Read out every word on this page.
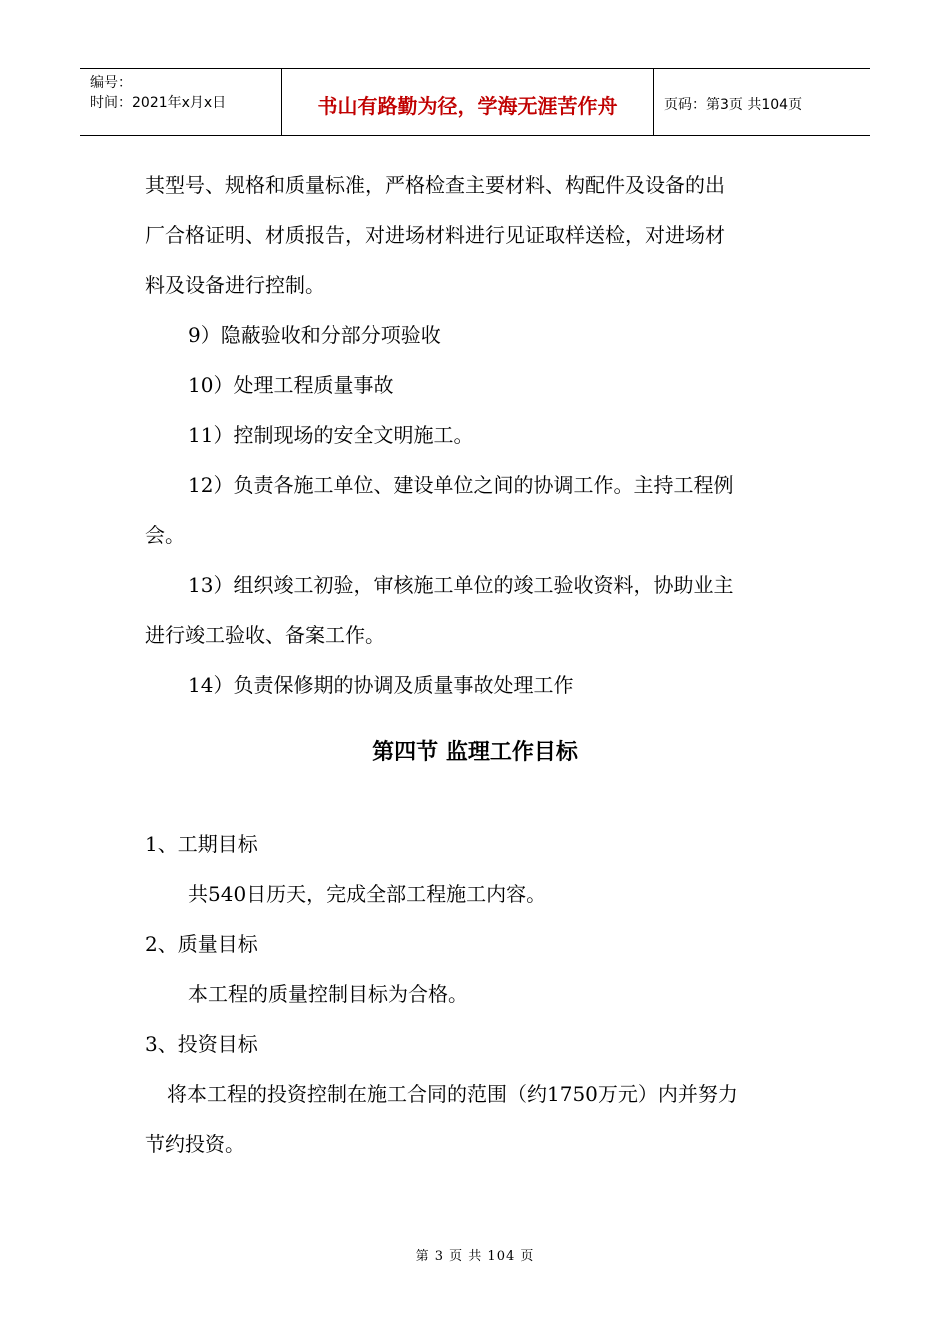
编号：
时间：2021年x月x日	书山有路勤为径，学海无涯苦作舟	页码：第3页 共104页

其型号、规格和质量标准，严格检查主要材料、构配件及设备的出

厂合格证明、材质报告，对进场材料进行见证取样送检，对进场材

料及设备进行控制。

9）隐蔽验收和分部分项验收

10）处理工程质量事故

11）控制现场的安全文明施工。

12）负责各施工单位、建设单位之间的协调工作。主持工程例

会。

13）组织竣工初验，审核施工单位的竣工验收资料，协助业主

进行竣工验收、备案工作。

14）负责保修期的协调及质量事故处理工作

第四节 监理工作目标

1、工期目标

共540日历天，完成全部工程施工内容。

2、质量目标

本工程的质量控制目标为合格。

3、投资目标

将本工程的投资控制在施工合同的范围（约1750万元）内并努力

节约投资。

第 3 页 共 104 页
